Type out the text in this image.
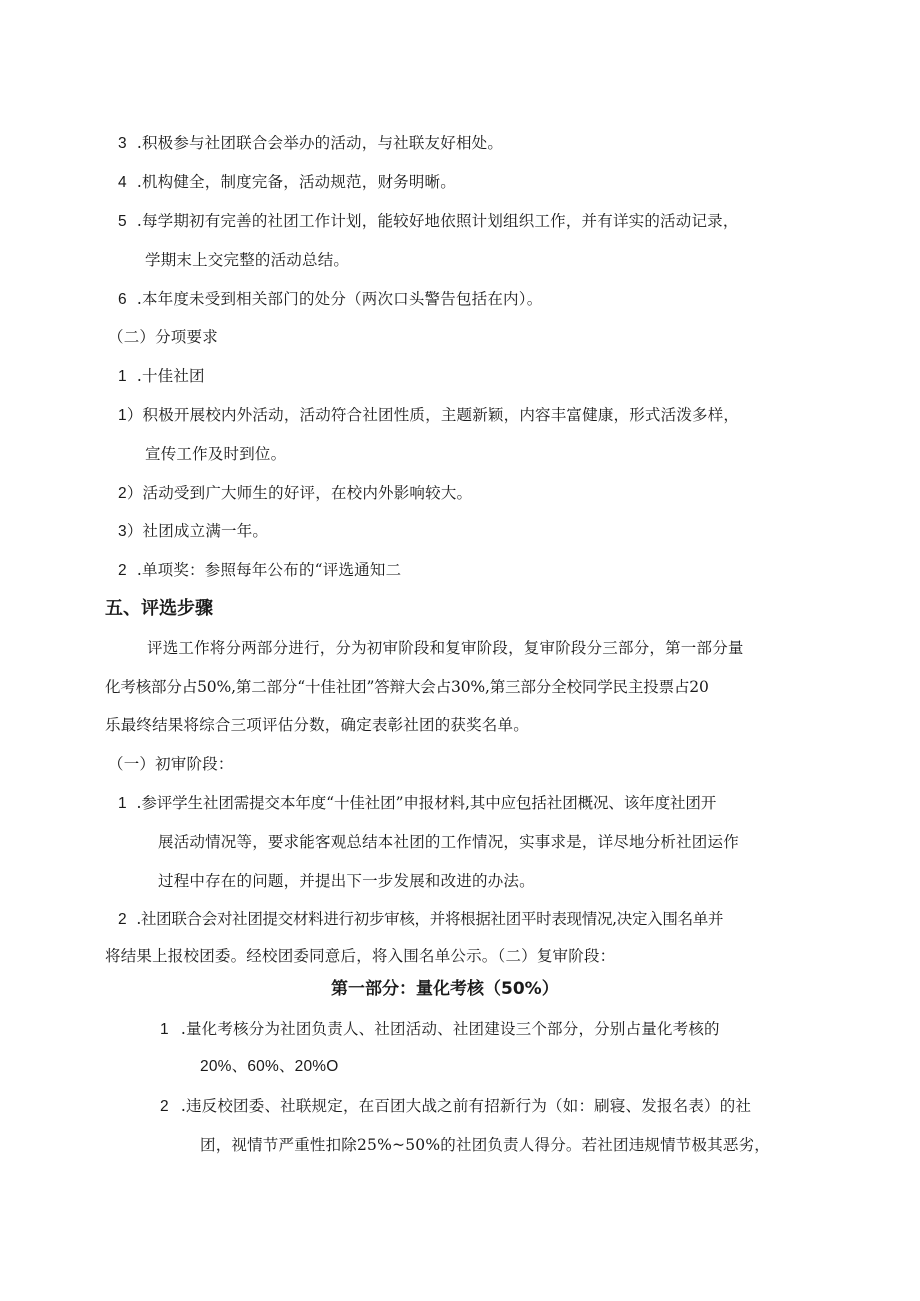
3 .积极参与社团联合会举办的活动，与社联友好相处。
4 .机构健全，制度完备，活动规范，财务明晰。
5 .每学期初有完善的社团工作计划，能较好地依照计划组织工作，并有详实的活动记录，
学期末上交完整的活动总结。
6 .本年度未受到相关部门的处分（两次口头警告包括在内）。
（二）分项要求
1 .十佳社团
1）积极开展校内外活动，活动符合社团性质，主题新颖，内容丰富健康，形式活泼多样，
宣传工作及时到位。
2）活动受到广大师生的好评，在校内外影响较大。
3）社团成立满一年。
2 .单项奖：参照每年公布的“评选通知二
五、评选步骤
评选工作将分两部分进行，分为初审阶段和复审阶段，复审阶段分三部分，第一部分量
化考核部分占50%,第二部分“十佳社团”答辩大会占30%,第三部分全校同学民主投票占20
乐最终结果将综合三项评估分数，确定表彰社团的获奖名单。
（一）初审阶段：
1 .参评学生社团需提交本年度“十佳社团”申报材料,其中应包括社团概况、该年度社团开
展活动情况等，要求能客观总结本社团的工作情况，实事求是，详尽地分析社团运作
过程中存在的问题，并提出下一步发展和改进的办法。
2 .社团联合会对社团提交材料进行初步审核，并将根据社团平时表现情况,决定入围名单并
将结果上报校团委。经校团委同意后，将入围名单公示。（二）复审阶段：
第一部分：量化考核（50%）
1 .量化考核分为社团负责人、社团活动、社团建设三个部分，分别占量化考核的
20%、60%、20%O
2 .违反校团委、社联规定，在百团大战之前有招新行为（如：刷寝、发报名表）的社
团，视情节严重性扣除25%~50%的社团负责人得分。若社团违规情节极其恶劣，
